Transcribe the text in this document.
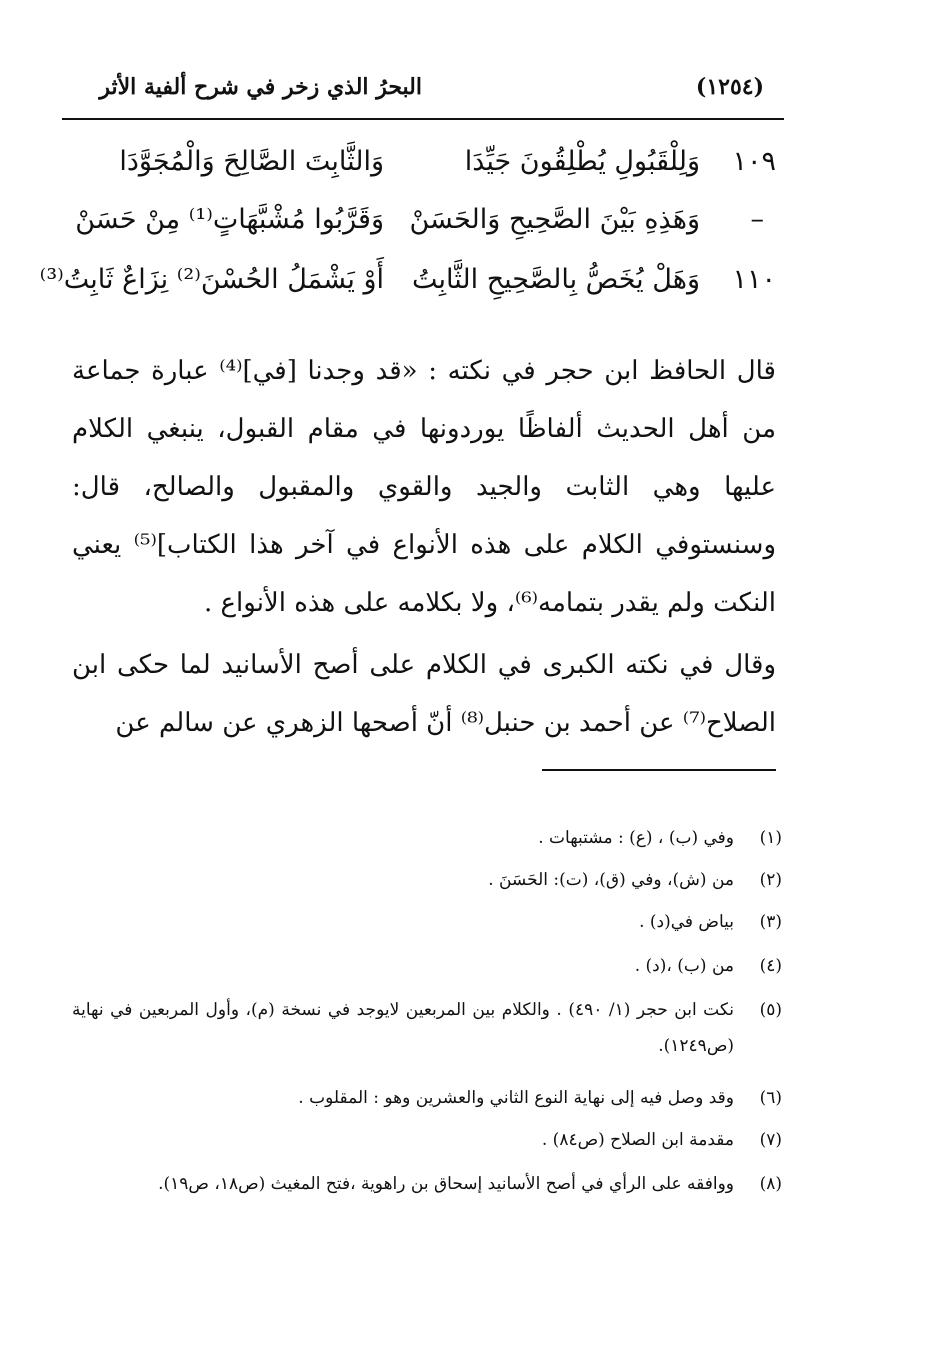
البحرُ الذي زخر في شرح ألفية الأثر	(١٢٥٤)
١٠٩
وَلِلْقَبُولِ يُطْلِقُونَ جَيِّدَا
وَالثَّابِتَ الصَّالِحَ وَالْمُجَوَّدَا
–
وَهَذِهِ بَيْنَ الصَّحِيحِ وَالحَسَنْ
وَقَرَّبُوا مُشْبَّهَاتٍ⁽¹⁾ مِنْ حَسَنْ
١١٠
وَهَلْ يُخَصُّ بِالصَّحِيحِ الثَّابِتُ
أَوْ يَشْمَلُ الحُسْنَ⁽²⁾ نِزَاعٌ ثَابِتُ⁽³⁾

قال الحافظ ابن حجر في نكته : «قد وجدنا [في]⁽⁴⁾ عبارة جماعة من أهل الحديث ألفاظًا يوردونها في مقام القبول، ينبغي الكلام عليها وهي الثابت والجيد والقوي والمقبول والصالح، قال: وسنستوفي الكلام على هذه الأنواع في آخر هذا الكتاب]⁽⁵⁾ يعني النكت ولم يقدر بتمامه⁽⁶⁾، ولا بكلامه على هذه الأنواع .

وقال في نكته الكبرى في الكلام على أصح الأسانيد لما حكى ابن الصلاح⁽⁷⁾ عن أحمد بن حنبل⁽⁸⁾ أنّ أصحها الزهري عن سالم عن

(١)
وفي (ب) ، (ع) : مشتبهات .
(٢)
من (ش)، وفي (ق)، (ت): الحَسَنَ .
(٣)
بياض في(د) .
(٤)
من (ب) ،(د) .
(٥)
نكت ابن حجر (١/ ٤٩٠) . والكلام بين المربعين لايوجد في نسخة (م)، وأول المربعين في نهاية (ص١٢٤٩).
(٦)
وقد وصل فيه إلى نهاية النوع الثاني والعشرين وهو : المقلوب .
(٧)
مقدمة ابن الصلاح (ص٨٤) .
(٨)
ووافقه على الرأي في أصح الأسانيد إسحاق بن راهوية ،فتح المغيث (ص١٨، ص١٩).
